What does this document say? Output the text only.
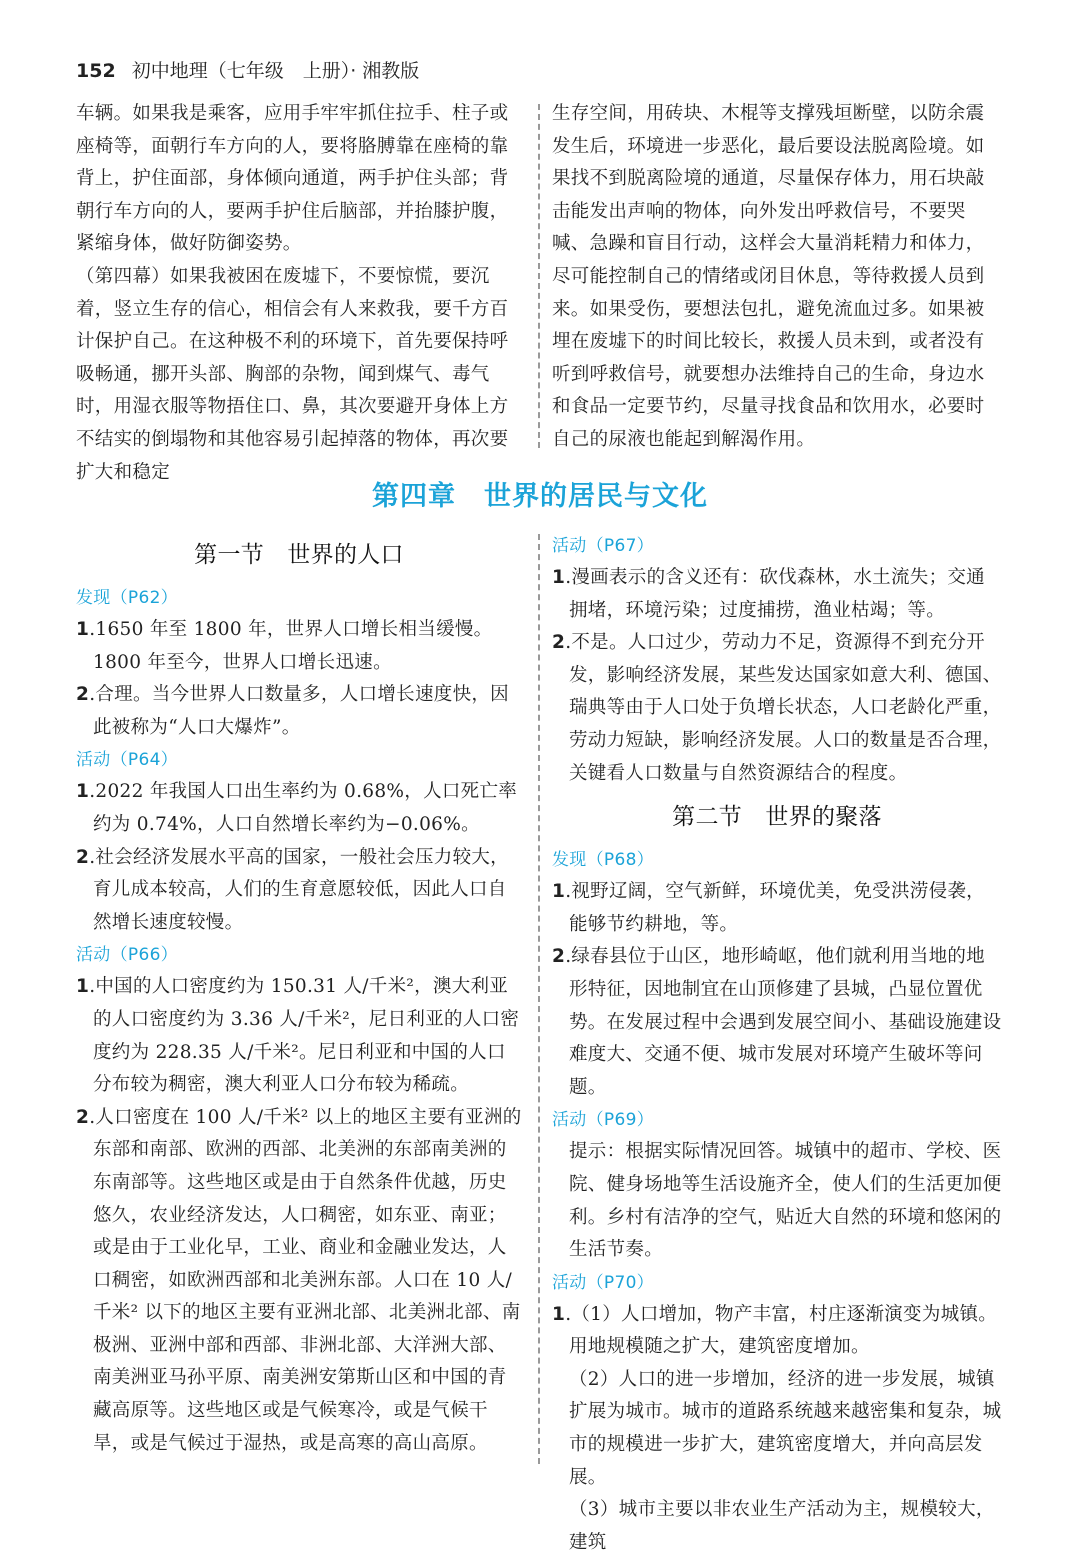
152 初中地理（七年级　上册）· 湘教版

车辆。如果我是乘客，应用手牢牢抓住拉手、柱子或座椅等，面朝行车方向的人，要将胳膊靠在座椅的靠背上，护住面部，身体倾向通道，两手护住头部；背朝行车方向的人，要两手护住后脑部，并抬膝护腹，紧缩身体，做好防御姿势。

（第四幕）如果我被困在废墟下，不要惊慌，要沉着，竖立生存的信心，相信会有人来救我，要千方百计保护自己。在这种极不利的环境下，首先要保持呼吸畅通，挪开头部、胸部的杂物，闻到煤气、毒气时，用湿衣服等物捂住口、鼻，其次要避开身体上方不结实的倒塌物和其他容易引起掉落的物体，再次要扩大和稳定

生存空间，用砖块、木棍等支撑残垣断壁，以防余震发生后，环境进一步恶化，最后要设法脱离险境。如果找不到脱离险境的通道，尽量保存体力，用石块敲击能发出声响的物体，向外发出呼救信号，不要哭喊、急躁和盲目行动，这样会大量消耗精力和体力，尽可能控制自己的情绪或闭目休息，等待救援人员到来。如果受伤，要想法包扎，避免流血过多。如果被埋在废墟下的时间比较长，救援人员未到，或者没有听到呼救信号，就要想办法维持自己的生命，身边水和食品一定要节约，尽量寻找食品和饮用水，必要时自己的尿液也能起到解渴作用。

第四章　世界的居民与文化
第一节　世界的人口
发现（P62）

1.1650 年至 1800 年，世界人口增长相当缓慢。1800 年至今，世界人口增长迅速。

2.合理。当今世界人口数量多，人口增长速度快，因此被称为“人口大爆炸”。

活动（P64）

1.2022 年我国人口出生率约为 0.68%，人口死亡率约为 0.74%，人口自然增长率约为−0.06%。

2.社会经济发展水平高的国家，一般社会压力较大，育儿成本较高，人们的生育意愿较低，因此人口自然增长速度较慢。

活动（P66）

1.中国的人口密度约为 150.31 人/千米²，澳大利亚的人口密度约为 3.36 人/千米²，尼日利亚的人口密度约为 228.35 人/千米²。尼日利亚和中国的人口分布较为稠密，澳大利亚人口分布较为稀疏。

2.人口密度在 100 人/千米² 以上的地区主要有亚洲的东部和南部、欧洲的西部、北美洲的东部南美洲的东南部等。这些地区或是由于自然条件优越，历史悠久，农业经济发达，人口稠密，如东亚、南亚；或是由于工业化早，工业、商业和金融业发达，人口稠密，如欧洲西部和北美洲东部。人口在 10 人/千米² 以下的地区主要有亚洲北部、北美洲北部、南极洲、亚洲中部和西部、非洲北部、大洋洲大部、南美洲亚马孙平原、南美洲安第斯山区和中国的青藏高原等。这些地区或是气候寒冷，或是气候干旱，或是气候过于湿热，或是高寒的高山高原。

活动（P67）

1.漫画表示的含义还有：砍伐森林，水土流失；交通拥堵，环境污染；过度捕捞，渔业枯竭；等。

2.不是。人口过少，劳动力不足，资源得不到充分开发，影响经济发展，某些发达国家如意大利、德国、瑞典等由于人口处于负增长状态，人口老龄化严重，劳动力短缺，影响经济发展。人口的数量是否合理，关键看人口数量与自然资源结合的程度。

第二节　世界的聚落
发现（P68）

1.视野辽阔，空气新鲜，环境优美，免受洪涝侵袭，能够节约耕地，等。

2.绿春县位于山区，地形崎岖，他们就利用当地的地形特征，因地制宜在山顶修建了县城，凸显位置优势。在发展过程中会遇到发展空间小、基础设施建设难度大、交通不便、城市发展对环境产生破坏等问题。

活动（P69）

提示：根据实际情况回答。城镇中的超市、学校、医院、健身场地等生活设施齐全，使人们的生活更加便利。乡村有洁净的空气，贴近大自然的环境和悠闲的生活节奏。

活动（P70）

1.（1）人口增加，物产丰富，村庄逐渐演变为城镇。用地规模随之扩大，建筑密度增加。

（2）人口的进一步增加，经济的进一步发展，城镇扩展为城市。城市的道路系统越来越密集和复杂，城市的规模进一步扩大，建筑密度增大，并向高层发展。

（3）城市主要以非农业生产活动为主，规模较大，建筑
